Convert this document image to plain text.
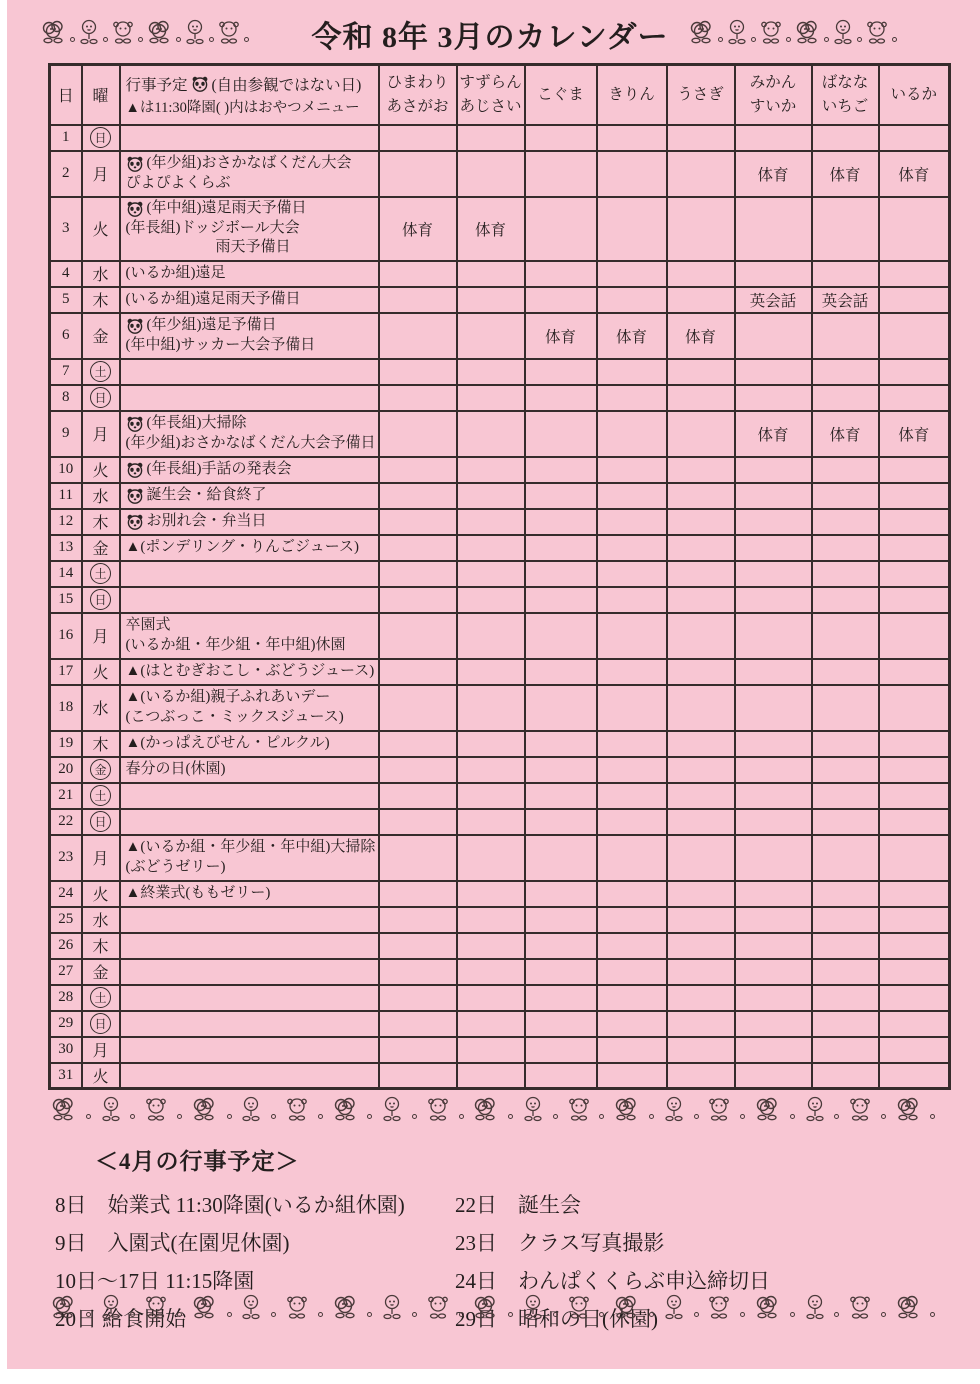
令和 8年 3月のカレンダー
日	曜	
行事予定 (自由参観ではない日)
▲は11:30降園( )内はおやつメニュー

ひまわり
あさがお

すずらん
あじさい

こぐま	きりん	うさぎ

みかん
すいか

ばなな
いちご

いるか

1	日									
2	月	(年少組)おさかなばくだん大会
ぴよぴよくらぶ						体育	体育	体育
3	火	(年中組)遠足雨天予備日
(年長組)ドッジボール大会
　　　　　　雨天予備日	体育	体育						
4	水	(いるか組)遠足								

5	木	(いるか組)遠足雨天予備日						英会話	英会話	
6	金	(年少組)遠足予備日
(年中組)サッカー大会予備日			体育	体育	体育			
7	土									
8	日									
9	月	(年長組)大掃除
(年少組)おさかなばくだん大会予備日						体育	体育	体育
10	火	(年長組)手話の発表会								

11	水	誕生会・給食終了								

12	木	お別れ会・弁当日								

13	金	▲(ポンデリング・りんごジュース)								

14	土									
15	日									
16	月	卒園式
(いるか組・年少組・年中組)休園								

17	火	▲(はとむぎおこし・ぶどうジュース)								

18	水	▲(いるか組)親子ふれあいデー
(こつぶっこ・ミックスジュース)								

19	木	▲(かっぱえびせん・ピルクル)								

20	金	春分の日(休園)								

21	土									
22	日									
23	月	▲(いるか組・年少組・年中組)大掃除
(ぶどうゼリー)								

24	火	▲終業式(ももゼリー)								

25	水									
26	木									
27	金									
28	土									
29	日									
30	月									
31	火									
＜4月の行事予定＞
8日　始業式 11:30降園(いるか組休園)
9日　入園式(在園児休園)
10日～17日 11:15降園
20日 給食開始
22日　誕生会
23日　クラス写真撮影
24日　わんぱくくらぶ申込締切日
29日　昭和の日(休園)
